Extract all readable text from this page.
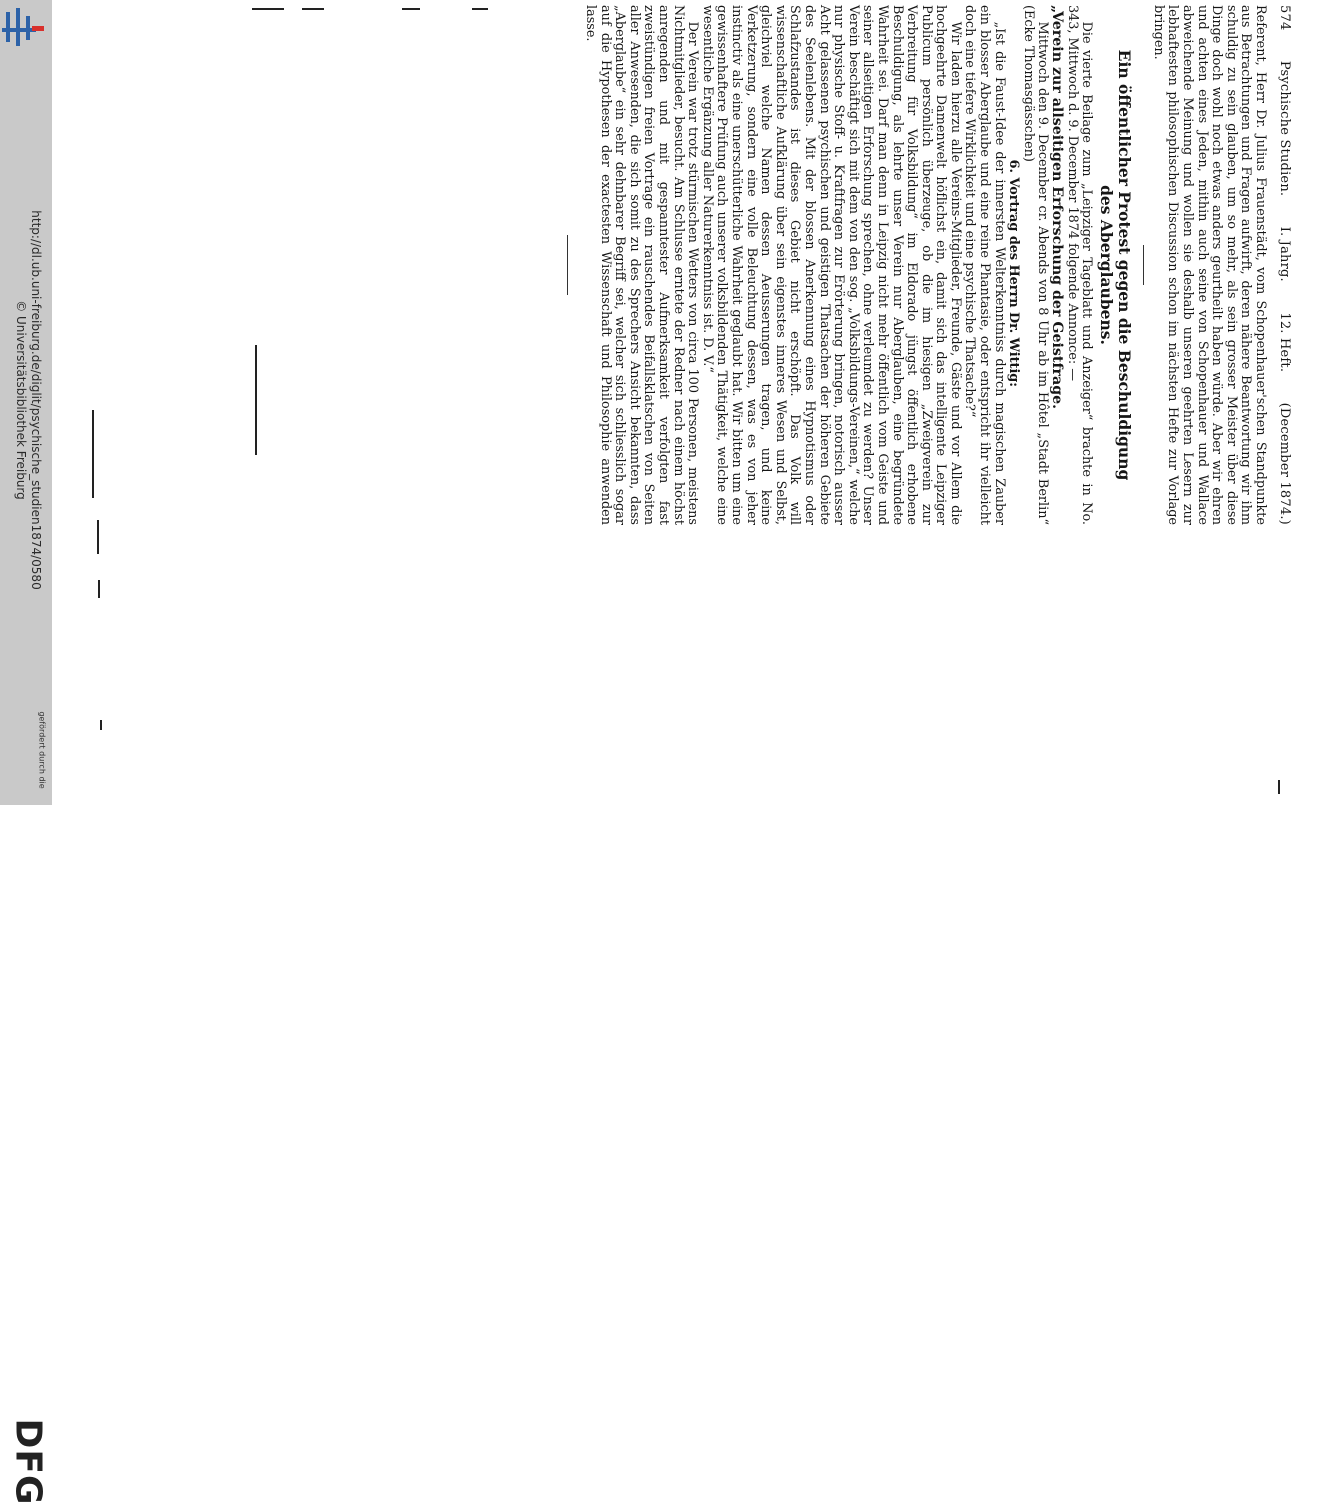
http://dl.ub.uni-freiburg.de/diglit/psychische_studien1874/0580
© Universitätsbibliothek Freiburg
DFG
gefördert durch die
574
Psychische Studien.
I. Jahrg.
12. Heft.
(December 1874.)

Referent, Herr Dr. Julius Frauenstädt, vom Schopenhauer'schen Standpunkte aus Betrachtungen und Fragen aufwirft, deren nähere Beantwortung wir ihm schuldig zu sein glauben, um so mehr, als sein grosser Meister über diese Dinge doch wohl noch etwas anders geurtheilt haben würde. Aber wir ehren und achten eines Jeden, mithin auch seine von Schopenhauer und Wallace abweichende Meinung und wollen sie deshalb unseren geehrten Lesern zur lebhaftesten philosophischen Discussion schon im nächsten Hefte zur Vorlage bringen.

Ein öffentlicher Protest gegen die Beschuldigung des Aberglaubens.

Die vierte Beilage zum „Leipziger Tageblatt und Anzeiger“ brachte in No. 343, Mittwoch d. 9. December 1874 folgende Annonce: —

„Verein zur allseitigen Erforschung der Geistfrage.

Mittwoch den 9. December cr. Abends von 8 Uhr ab im Hôtel „Stadt Berlin“ (Ecke Thomasgässchen)

6. Vortrag des Herrn Dr. Wittig:

„Ist die Faust-Idee der innersten Welterkenntniss durch magischen Zauber ein blosser Aberglaube und eine reine Phantasie, oder entspricht ihr vielleicht doch eine tiefere Wirklichkeit und eine psychische Thatsache?“

Wir laden hierzu alle Vereins-Mitglieder, Freunde, Gäste und vor Allem die hochgeehrte Damenwelt höflichst ein, damit sich das intelligente Leipziger Publicum persönlich überzeuge, ob die im hiesigen „Zweigverein zur Verbreitung für Volksbildung“ im Eldorado jüngst öffentlich erhobene Beschuldigung, als lehrte unser Verein nur Aberglauben, eine begründete Wahrheit sei. Darf man denn in Leipzig nicht mehr öffentlich vom Geiste und seiner allseitigen Erforschung sprechen, ohne verleumdet zu werden? Unser Verein beschäftigt sich mit dem von den sog. „Volksbildungs-Vereinen,“ welche nur physische Stoff- u. Kraftfragen zur Erörterung bringen, notorisch ausser Acht gelassenen psychischen und geistigen Thatsachen der höheren Gebiete des Seelenlebens. Mit der blossen Anerkennung eines Hypnotismus oder Schlafzustandes ist dieses Gebiet nicht erschöpft. Das Volk will wissenschaftliche Aufklärung über sein eigenstes inneres Wesen und Selbst, gleichviel welche Namen dessen Aeusserungen tragen, und keine Verketzerung, sondern eine volle Beleuchtung dessen, was es von jeher instinctiv als eine unerschütterliche Wahrheit geglaubt hat. Wir bitten um eine gewissenhaftere Prüfung auch unserer volksbildenden Thätigkeit, welche eine wesentliche Ergänzung aller Naturerkenntniss ist. D. V.“

Der Verein war trotz stürmischen Wetters von circa 100 Personen, meistens Nichtmitglieder, besucht. Am Schlusse erntete der Redner nach einem höchst anregenden und mit gespanntester Aufmerksamkeit verfolgten fast zweistündigen freien Vortrage ein rauschendes Beifallsklatschen von Seiten aller Anwesenden, die sich somit zu des Sprechers Ansicht bekannten, dass „Aberglaube“ ein sehr dehnbarer Begriff sei, welcher sich schliesslich sogar auf die Hypothesen der exactesten Wissenschaft und Philosophie anwenden lasse.
